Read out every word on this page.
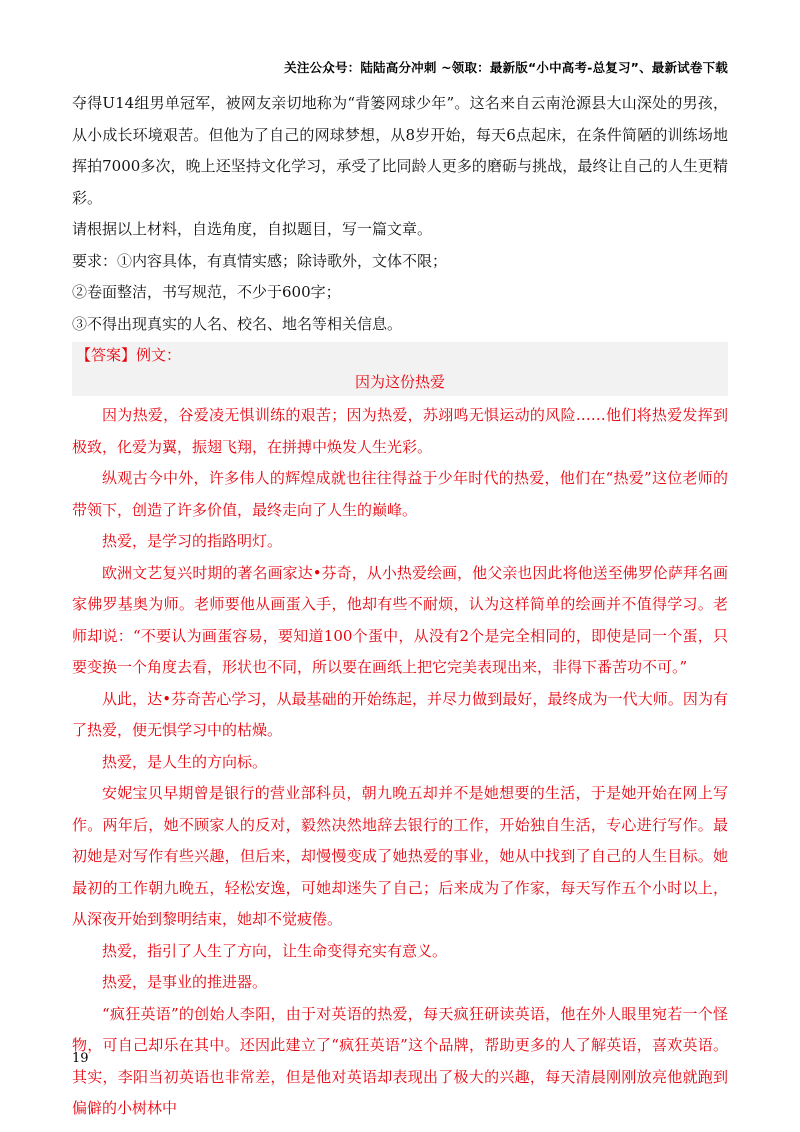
关注公众号：陆陆高分冲刺 ~领取：最新版“小中高考-总复习”、最新试卷下载

夺得U14组男单冠军，被网友亲切地称为“背篓网球少年”。这名来自云南沧源县大山深处的男孩，从小成长环境艰苦。但他为了自己的网球梦想，从8岁开始，每天6点起床，在条件简陋的训练场地挥拍7000多次，晚上还坚持文化学习，承受了比同龄人更多的磨砺与挑战，最终让自己的人生更精彩。

请根据以上材料，自选角度，自拟题目，写一篇文章。

要求：①内容具体，有真情实感；除诗歌外，文体不限；

②卷面整洁，书写规范，不少于600字；

③不得出现真实的人名、校名、地名等相关信息。

【答案】例文：
因为这份热爱

因为热爱，谷爱凌无惧训练的艰苦；因为热爱，苏翊鸣无惧运动的风险……他们将热爱发挥到极致，化爱为翼，振翅飞翔，在拼搏中焕发人生光彩。

纵观古今中外，许多伟人的辉煌成就也往往得益于少年时代的热爱，他们在“热爱”这位老师的带领下，创造了许多价值，最终走向了人生的巅峰。

热爱，是学习的指路明灯。

欧洲文艺复兴时期的著名画家达•芬奇，从小热爱绘画，他父亲也因此将他送至佛罗伦萨拜名画家佛罗基奥为师。老师要他从画蛋入手，他却有些不耐烦，认为这样简单的绘画并不值得学习。老师却说：“不要认为画蛋容易，要知道100个蛋中，从没有2个是完全相同的，即使是同一个蛋，只要变换一个角度去看，形状也不同，所以要在画纸上把它完美表现出来，非得下番苦功不可。”

从此，达•芬奇苦心学习，从最基础的开始练起，并尽力做到最好，最终成为一代大师。因为有了热爱，便无惧学习中的枯燥。

热爱，是人生的方向标。

安妮宝贝早期曾是银行的营业部科员，朝九晚五却并不是她想要的生活，于是她开始在网上写作。两年后，她不顾家人的反对，毅然决然地辞去银行的工作，开始独自生活，专心进行写作。最初她是对写作有些兴趣，但后来，却慢慢变成了她热爱的事业，她从中找到了自己的人生目标。她最初的工作朝九晚五，轻松安逸，可她却迷失了自己；后来成为了作家，每天写作五个小时以上，从深夜开始到黎明结束，她却不觉疲倦。

热爱，指引了人生了方向，让生命变得充实有意义。

热爱，是事业的推进器。

“疯狂英语”的创始人李阳，由于对英语的热爱，每天疯狂研读英语，他在外人眼里宛若一个怪物，可自己却乐在其中。还因此建立了“疯狂英语”这个品牌，帮助更多的人了解英语，喜欢英语。其实，李阳当初英语也非常差，但是他对英语却表现出了极大的兴趣，每天清晨刚刚放亮他就跑到偏僻的小树林中

19
